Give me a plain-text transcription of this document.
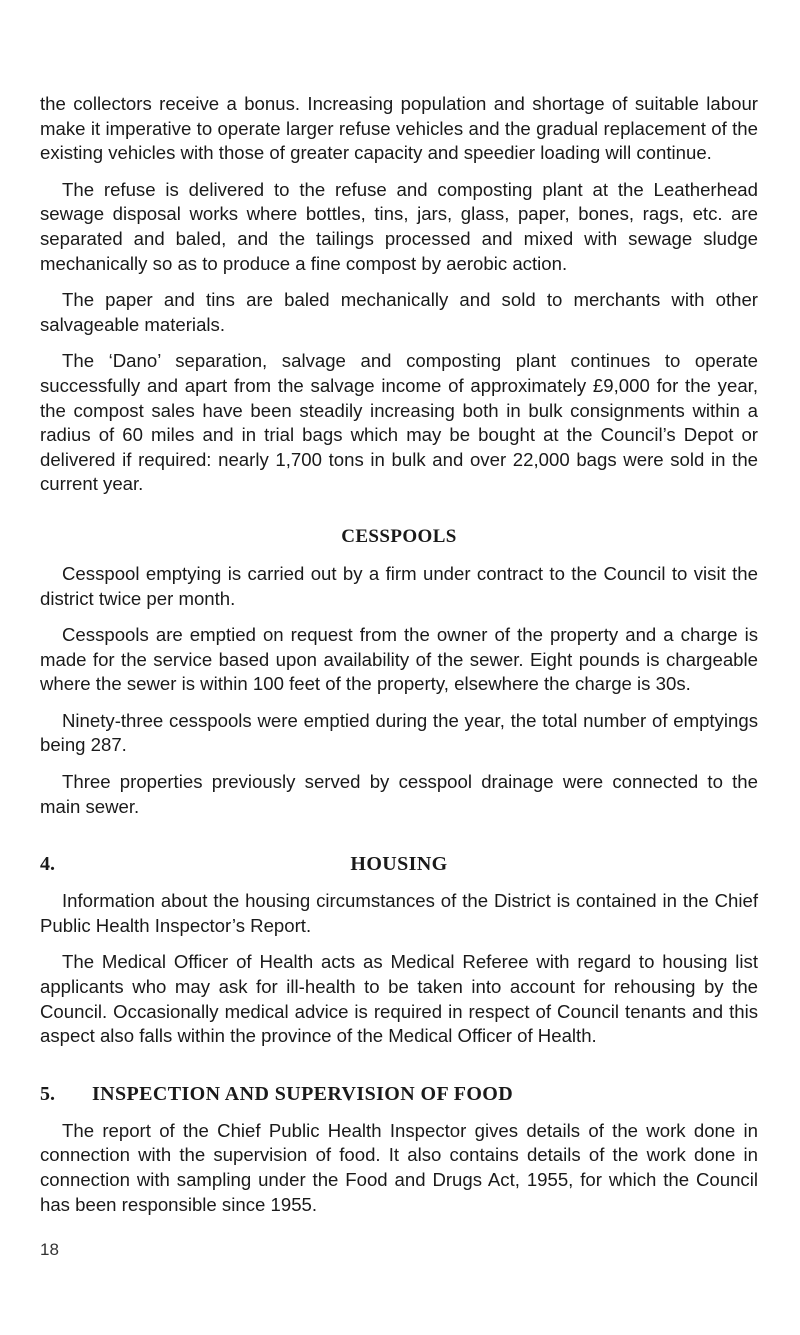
the collectors receive a bonus. Increasing population and shortage of suitable labour make it imperative to operate larger refuse vehicles and the gradual replacement of the existing vehicles with those of greater capacity and speedier loading will continue.

The refuse is delivered to the refuse and composting plant at the Leatherhead sewage disposal works where bottles, tins, jars, glass, paper, bones, rags, etc. are separated and baled, and the tailings processed and mixed with sewage sludge mechanically so as to produce a fine compost by aerobic action.

The paper and tins are baled mechanically and sold to merchants with other salvageable materials.

The ‘Dano’ separation, salvage and composting plant continues to operate successfully and apart from the salvage income of approximately £9,000 for the year, the compost sales have been steadily increasing both in bulk consignments within a radius of 60 miles and in trial bags which may be bought at the Council’s Depot or delivered if required: nearly 1,700 tons in bulk and over 22,000 bags were sold in the current year.

CESSPOOLS

Cesspool emptying is carried out by a firm under contract to the Council to visit the district twice per month.

Cesspools are emptied on request from the owner of the property and a charge is made for the service based upon availability of the sewer. Eight pounds is chargeable where the sewer is within 100 feet of the property, elsewhere the charge is 30s.

Ninety-three cesspools were emptied during the year, the total number of emptyings being 287.

Three properties previously served by cesspool drainage were connected to the main sewer.

4.	HOUSING

Information about the housing circumstances of the District is contained in the Chief Public Health Inspector’s Report.

The Medical Officer of Health acts as Medical Referee with regard to housing list applicants who may ask for ill-health to be taken into account for rehousing by the Council. Occasionally medical advice is required in respect of Council tenants and this aspect also falls within the province of the Medical Officer of Health.

5.	INSPECTION AND SUPERVISION OF FOOD

The report of the Chief Public Health Inspector gives details of the work done in connection with the supervision of food. It also contains details of the work done in connection with sampling under the Food and Drugs Act, 1955, for which the Council has been responsible since 1955.

18
